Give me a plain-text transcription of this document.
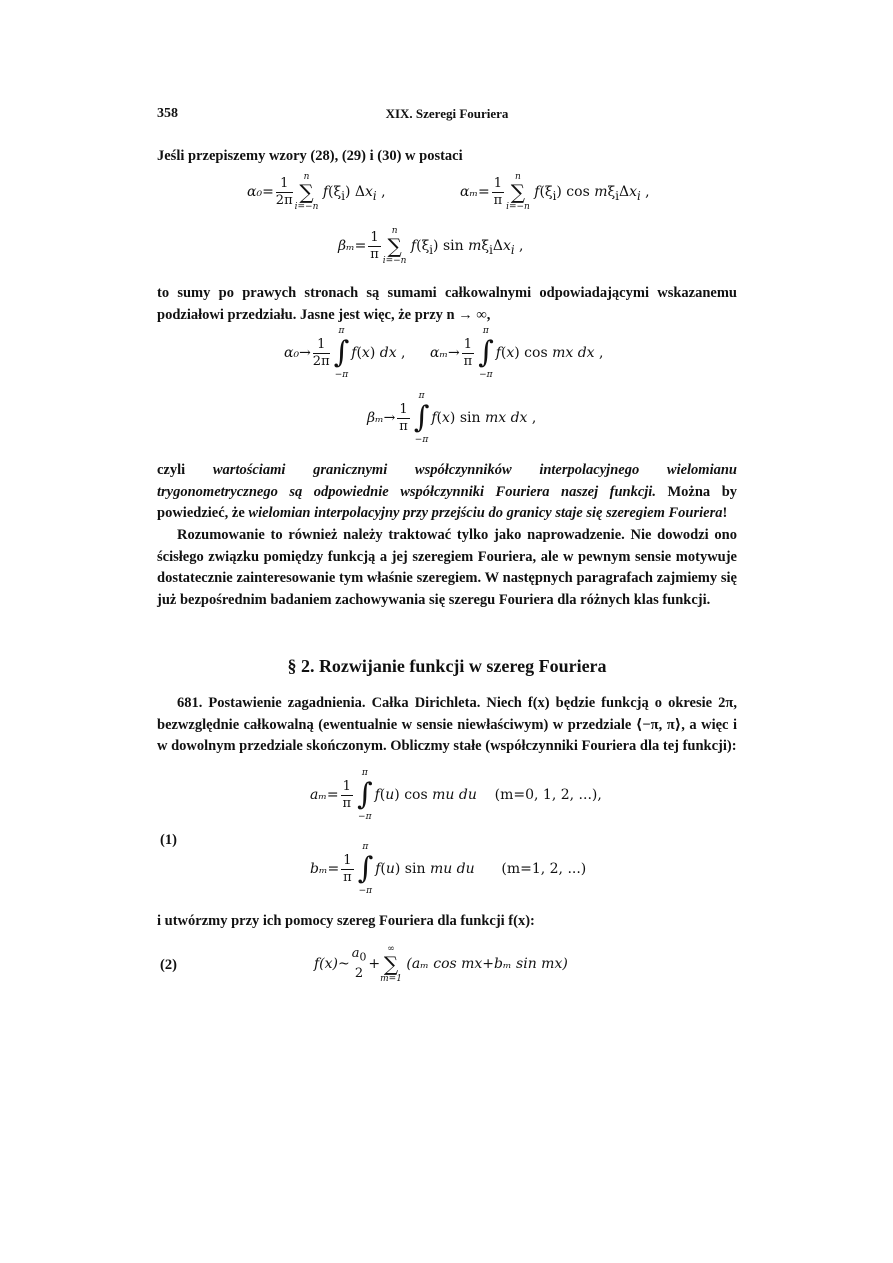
358	XIX. Szeregi Fouriera
Jeśli przepiszemy wzory (28), (29) i (30) w postaci
$\alpha_0= \frac{1}{2\pi}$	n
∑
i=−n
$f(\xi_i)$ $\Delta x_i$ ,	$\alpha_m= \frac{1}{\pi}$	n
∑
i=−n
$f(\xi_i)$ $\cos m\xi_i\Delta x_i$ ,
$\beta_m= \frac{1}{\pi}$	n
∑
i=−n
$f(\xi_i)$ $\sin m\xi_i\Delta x_i$ ,
to sumy po prawych stronach są sumami całkowalnymi odpowiadającymi wskazanemu podziałowi przedziału. Jasne jest więc, że przy n → ∞,
$\alpha_0\to \frac{1}{2\pi}$
π
∫
−π
f(x) dx , $\alpha_m\to \frac{1}{\pi}$
π
∫
−π
f(x) cos mx dx ,
$\beta_m\to \frac{1}{\pi}$
π
∫
−π
f(x) sin mx dx ,
czyli wartościami granicznymi współczynników interpolacyjnego wielomianu trygonometrycznego są odpowiednie współczynniki Fouriera naszej funkcji. Można by powiedzieć, że wielomian interpolacyjny przy przejściu do granicy staje się szeregiem Fouriera!
Rozumowanie to również należy traktować tylko jako naprowadzenie. Nie dowodzi ono ścisłego związku pomiędzy funkcją a jej szeregiem Fouriera, ale w pewnym sensie motywuje dostatecznie zainteresowanie tym właśnie szeregiem. W następnych paragrafach zajmiemy się już bezpośrednim badaniem zachowywania się szeregu Fouriera dla różnych klas funkcji.
§ 2. Rozwijanie funkcji w szereg Fouriera
681. Postawienie zagadnienia. Całka Dirichleta. Niech f(x) będzie funkcją o okresie 2π, bezwzględnie całkowalną (ewentualnie w sensie niewłaściwym) w przedziale ⟨−π, π⟩, a więc i w dowolnym przedziale skończonym. Obliczmy stałe (współczynniki Fouriera dla tej funkcji):
$a_m= \frac{1}{\pi}$
π
∫
−π
f(u) cos mu du (m=0, 1, 2, ...),
(1)
$b_m= \frac{1}{\pi}$
π
∫
−π
f(u) sin mu du (m=1, 2, ...)
i utwórzmy przy ich pomocy szereg Fouriera dla funkcji f(x):
(2)	f(x)~
$a_0$
2
+
∞
∑
m=1
(aₘ cos mx+bₘ sin mx)
